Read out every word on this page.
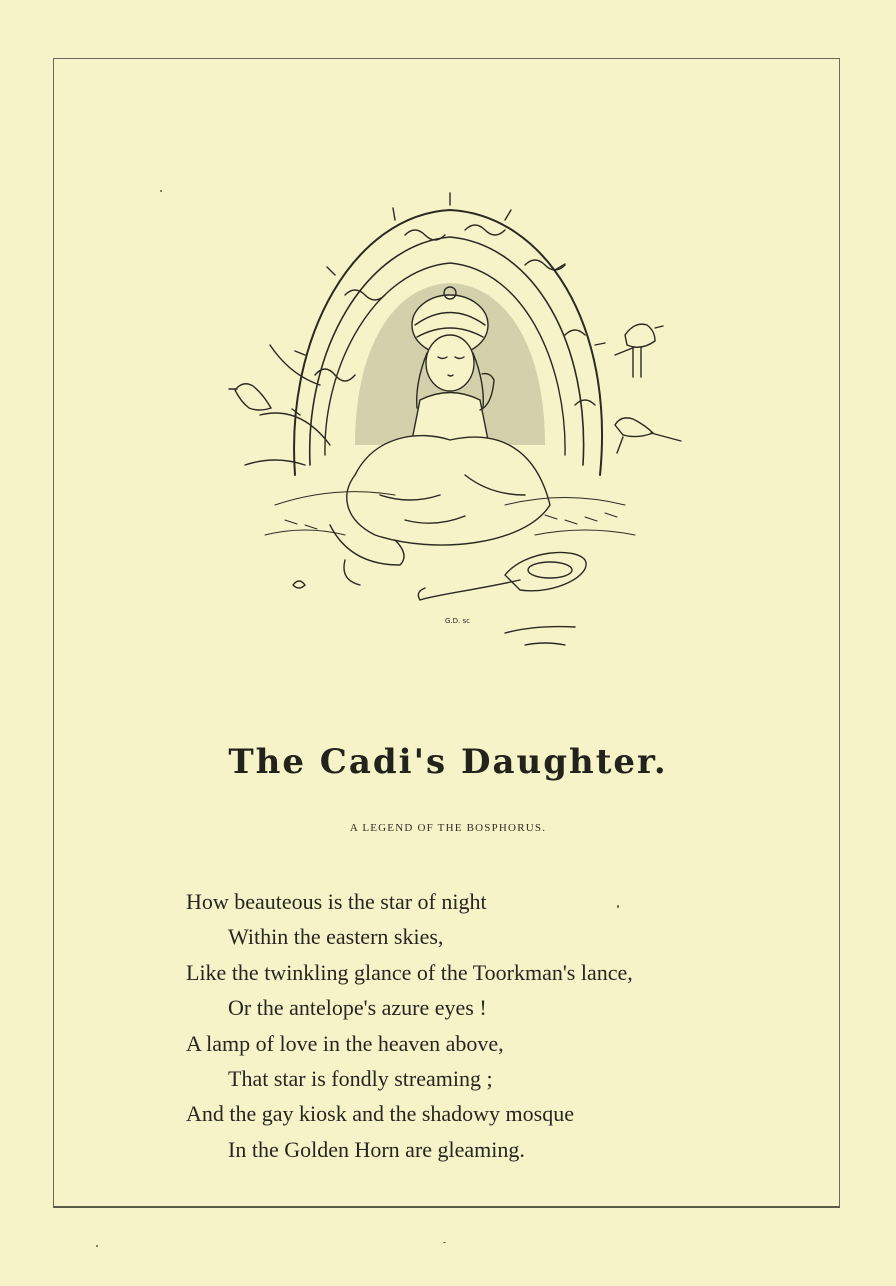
G.D. sc
The Cadi's Daughter.
A LEGEND OF THE BOSPHORUS.
How beauteous is the star of night
Within the eastern skies,
Like the twinkling glance of the Toorkman's lance,
Or the antelope's azure eyes !
A lamp of love in the heaven above,
That star is fondly streaming ;
And the gay kiosk and the shadowy mosque
In the Golden Horn are gleaming.
